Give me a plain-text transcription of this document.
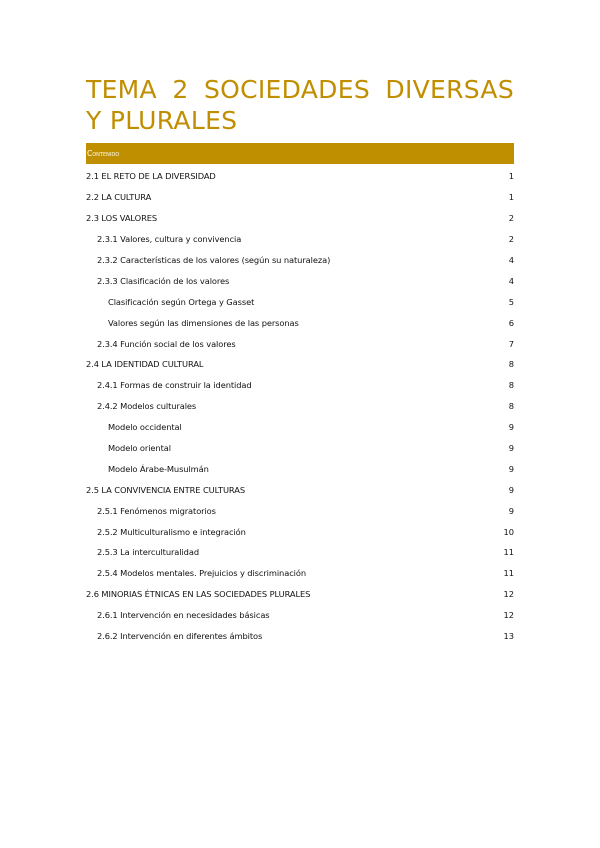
TEMA 2 SOCIEDADES DIVERSAS Y PLURALES
Contenido
2.1 EL RETO DE LA DIVERSIDAD	1
2.2 LA CULTURA	1
2.3 LOS VALORES	2
2.3.1 Valores, cultura y convivencia	2
2.3.2 Características de los valores (según su naturaleza)	4
2.3.3 Clasificación de los valores	4
Clasificación según Ortega y Gasset	5
Valores según las dimensiones de las personas	6
2.3.4 Función social de los valores	7
2.4 LA IDENTIDAD CULTURAL	8
2.4.1 Formas de construir la identidad	8
2.4.2 Modelos culturales	8
Modelo occidental	9
Modelo oriental	9
Modelo Árabe-Musulmán	9
2.5 LA CONVIVENCIA ENTRE CULTURAS	9
2.5.1 Fenómenos migratorios	9
2.5.2 Multiculturalismo e integración	10
2.5.3 La interculturalidad	11
2.5.4 Modelos mentales. Prejuicios y discriminación	11
2.6 MINORIAS ÉTNICAS EN LAS SOCIEDADES PLURALES	12
2.6.1 Intervención en necesidades básicas	12
2.6.2 Intervención en diferentes ámbitos	13
